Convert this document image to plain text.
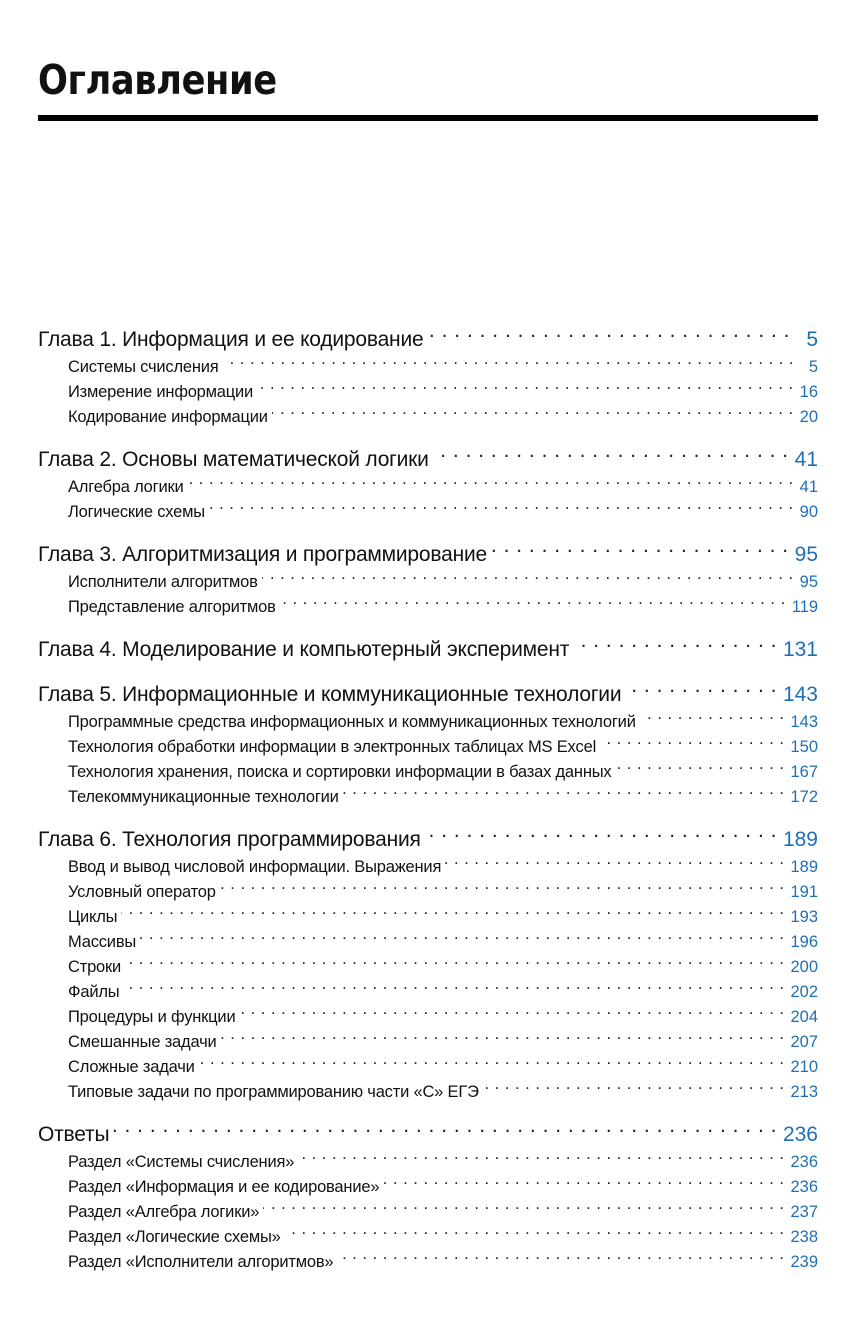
Оглавление
Глава 1. Информация и ее кодирование . . .	5
Системы счисления . . .	5
Измерение информации . . .	16
Кодирование информации . . .	20
Глава 2. Основы математической логики . . .	41
Алгебра логики . . .	41
Логические схемы . . .	90
Глава 3. Алгоритмизация и программирование . . .	95
Исполнители алгоритмов . . .	95
Представление алгоритмов . . .	119
Глава 4. Моделирование и компьютерный эксперимент . . .	131
Глава 5. Информационные и коммуникационные технологии . . .	143
Программные средства информационных и коммуникационных технологий . . .	143
Технология обработки информации в электронных таблицах MS Excel . . .	150
Технология хранения, поиска и сортировки информации в базах данных . . .	167
Телекоммуникационные технологии . . .	172
Глава 6. Технология программирования . . .	189
Ввод и вывод числовой информации. Выражения . . .	189
Условный оператор . . .	191
Циклы . . .	193
Массивы . . .	196
Строки . . .	200
Файлы . . .	202
Процедуры и функции . . .	204
Смешанные задачи . . .	207
Сложные задачи . . .	210
Типовые задачи по программированию части «С» ЕГЭ . . .	213
Ответы . . .	236
Раздел «Системы счисления» . . .	236
Раздел «Информация и ее кодирование» . . .	236
Раздел «Алгебра логики» . . .	237
Раздел «Логические схемы» . . .	238
Раздел «Исполнители алгоритмов» . . .	239
